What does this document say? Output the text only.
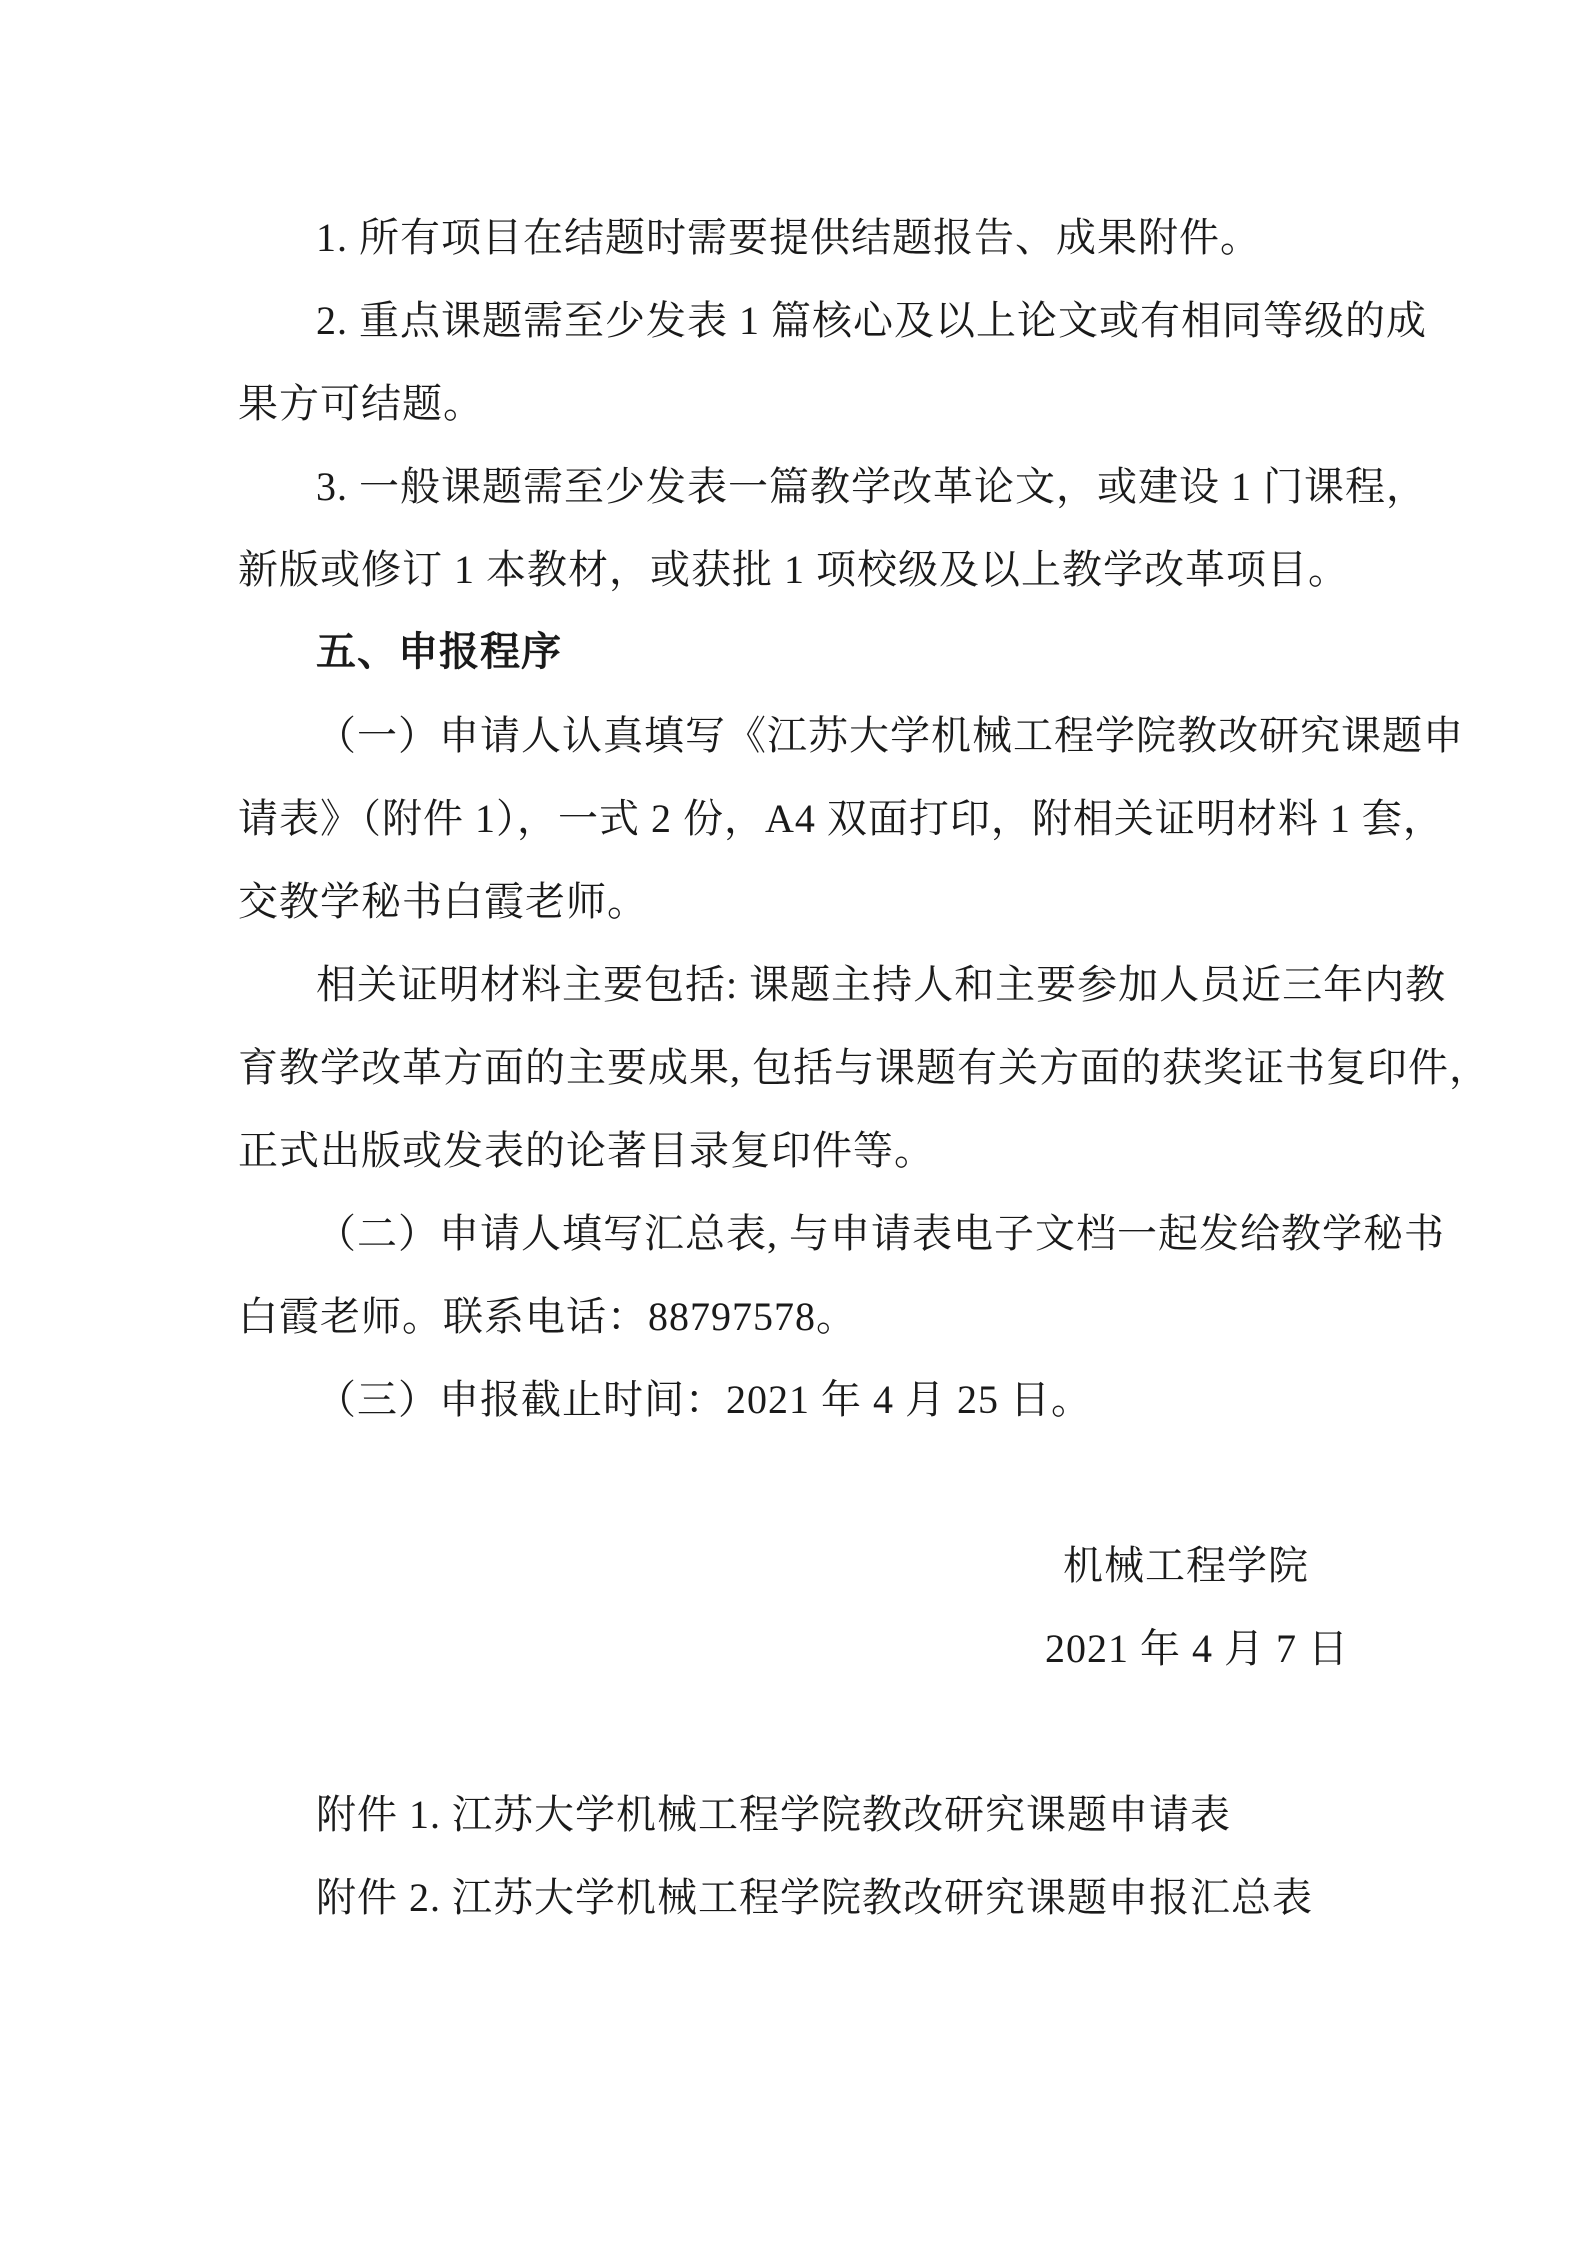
1. 所有项目在结题时需要提供结题报告、成果附件。
2. 重点课题需至少发表 1 篇核心及以上论文或有相同等级的成
果方可结题。
3. 一般课题需至少发表一篇教学改革论文，或建设 1 门课程，
新版或修订 1 本教材，或获批 1 项校级及以上教学改革项目。
五、申报程序
（一）申请人认真填写《江苏大学机械工程学院教改研究课题申
请表》（附件 1），一式 2 份，A4 双面打印，附相关证明材料 1 套，
交教学秘书白霞老师。
相关证明材料主要包括: 课题主持人和主要参加人员近三年内教
育教学改革方面的主要成果, 包括与课题有关方面的获奖证书复印件，
正式出版或发表的论著目录复印件等。
（二）申请人填写汇总表, 与申请表电子文档一起发给教学秘书
白霞老师。联系电话：88797578。
（三）申报截止时间：2021 年 4 月 25 日。
机械工程学院
2021 年 4 月 7 日
附件 1. 江苏大学机械工程学院教改研究课题申请表
附件 2. 江苏大学机械工程学院教改研究课题申报汇总表
